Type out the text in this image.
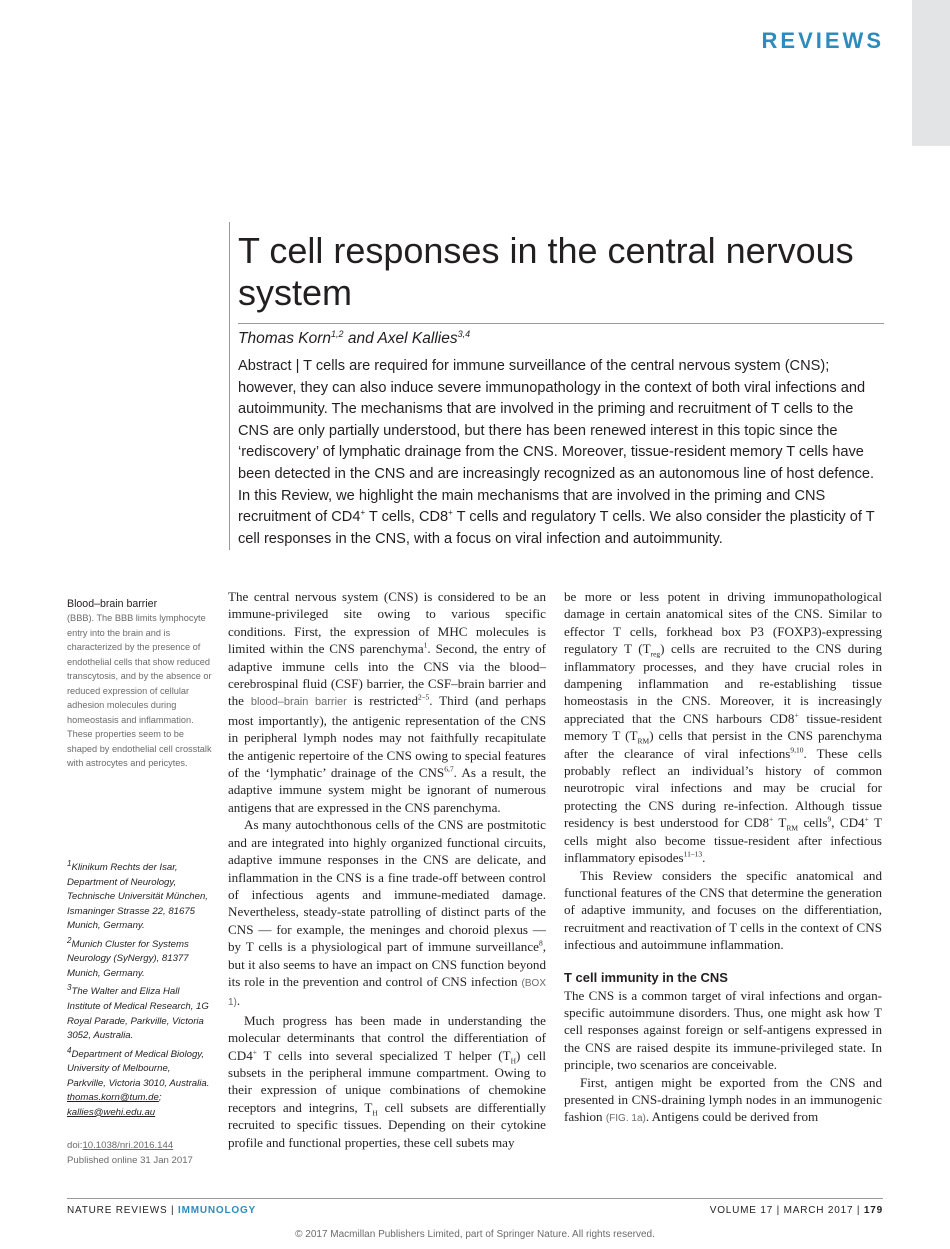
REVIEWS
T cell responses in the central nervous system
Thomas Korn$^{1,2}$ and Axel Kallies$^{3,4}$
Abstract | T cells are required for immune surveillance of the central nervous system (CNS); however, they can also induce severe immunopathology in the context of both viral infections and autoimmunity. The mechanisms that are involved in the priming and recruitment of T cells to the CNS are only partially understood, but there has been renewed interest in this topic since the ‘rediscovery’ of lymphatic drainage from the CNS. Moreover, tissue-resident memory T cells have been detected in the CNS and are increasingly recognized as an autonomous line of host defence. In this Review, we highlight the main mechanisms that are involved in the priming and CNS recruitment of CD4+ T cells, CD8+ T cells and regulatory T cells. We also consider the plasticity of T cell responses in the CNS, with a focus on viral infection and autoimmunity.
Blood–brain barrier
(BBB). The BBB limits lymphocyte entry into the brain and is characterized by the presence of endothelial cells that show reduced transcytosis, and by the absence or reduced expression of cellular adhesion molecules during homeostasis and inflammation. These properties seem to be shaped by endothelial cell crosstalk with astrocytes and pericytes.
$^1$Klinikum Rechts der Isar, Department of Neurology, Technische Universität München, Ismaninger Strasse 22, 81675 Munich, Germany.
$^2$Munich Cluster for Systems Neurology (SyNergy), 81377 Munich, Germany.
$^3$The Walter and Eliza Hall Institute of Medical Research, 1G Royal Parade, Parkville, Victoria 3052, Australia.
$^4$Department of Medical Biology, University of Melbourne, Parkville, Victoria 3010, Australia.
thomas.korn@tum.de;
kallies@wehi.edu.au
doi:10.1038/nri.2016.144
Published online 31 Jan 2017

The central nervous system (CNS) is considered to be an immune-privileged site owing to various specific conditions. First, the expression of MHC molecules is limited within the CNS parenchyma$^1$. Second, the entry of adaptive immune cells into the CNS via the blood–cerebrospinal fluid (CSF) barrier, the CSF–brain barrier and the blood–brain barrier is restricted$^{2-5}$. Third (and perhaps most importantly), the antigenic representation of the CNS in peripheral lymph nodes may not faithfully recapitulate the antigenic repertoire of the CNS owing to special features of the ‘lymphatic’ drainage of the CNS$^{6,7}$. As a result, the adaptive immune system might be ignorant of numerous antigens that are expressed in the CNS parenchyma.

As many autochthonous cells of the CNS are postmitotic and are integrated into highly organized functional circuits, adaptive immune responses in the CNS are delicate, and inflammation in the CNS is a fine trade-off between control of infectious agents and immune-mediated damage. Nevertheless, steady-state patrolling of distinct parts of the CNS — for example, the meninges and choroid plexus — by T cells is a physiological part of immune surveillance$^8$, but it also seems to have an impact on CNS function beyond its role in the prevention and control of CNS infection (BOX 1).

Much progress has been made in understanding the molecular determinants that control the differentiation of CD4+ T cells into several specialized T helper $(T_H)$ cell subsets in the peripheral immune compartment. Owing to their expression of unique combinations of chemokine receptors and integrins, $T_H$ cell subsets are differentially recruited to specific tissues. Depending on their cytokine profile and functional properties, these cell subets may

be more or less potent in driving immunopathological damage in certain anatomical sites of the CNS. Similar to effector T cells, forkhead box P3 (FOXP3)-expressing regulatory T $(T_{reg})$ cells are recruited to the CNS during inflammatory processes, and they have crucial roles in dampening inflammation and re-establishing tissue homeostasis in the CNS. Moreover, it is increasingly appreciated that the CNS harbours CD8+ tissue-resident memory T $(T_{RM})$ cells that persist in the CNS parenchyma after the clearance of viral infections$^{9,10}$. These cells probably reflect an individual’s history of common neurotropic viral infections and may be crucial for protecting the CNS during re-infection. Although tissue residency is best understood for CD8+ $T_{RM}$ cells$^9$, CD4+ T cells might also become tissue-resident after infectious inflammatory episodes$^{11-13}$.

This Review considers the specific anatomical and functional features of the CNS that determine the generation of adaptive immunity, and focuses on the differentiation, recruitment and reactivation of T cells in the context of CNS infectious and autoimmune inflammation.

T cell immunity in the CNS

The CNS is a common target of viral infections and organ-specific autoimmune disorders. Thus, one might ask how T cell responses against foreign or self-antigens expressed in the CNS are raised despite its immune-privileged state. In principle, two scenarios are conceivable.

First, antigen might be exported from the CNS and presented in CNS-draining lymph nodes in an immunogenic fashion (FIG. 1a). Antigens could be derived from

NATURE REVIEWS | IMMUNOLOGY	VOLUME 17 | MARCH 2017 | 179
© 2017 Macmillan Publishers Limited, part of Springer Nature. All rights reserved.
